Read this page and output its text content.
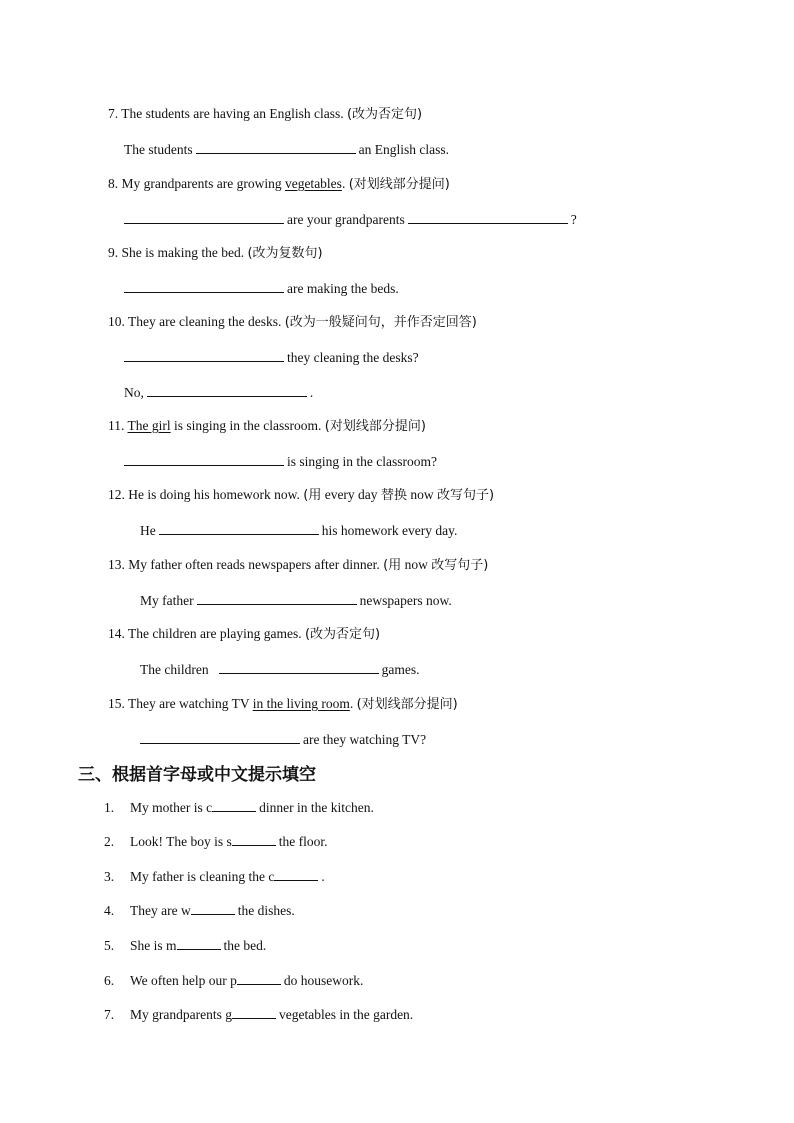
7. The students are having an English class. (改为否定句)
The students	an English class.
8. My grandparents are growing vegetables. (对划线部分提问)
are your grandparents	?
9. She is making the bed. (改为复数句)
are making the beds.
10. They are cleaning the desks. (改为一般疑问句，并作否定回答)
they cleaning the desks?
No,	.
11. The girl is singing in the classroom. (对划线部分提问)
is singing in the classroom?
12. He is doing his homework now. (用 every day 替换 now 改写句子)
He	his homework every day.
13. My father often reads newspapers after dinner. (用 now 改写句子)
My father	newspapers now.
14. The children are playing games. (改为否定句)
The children	games.
15. They are watching TV in the living room. (对划线部分提问)
are they watching TV?
三、根据首字母或中文提示填空
1. My mother is c	dinner in the kitchen.
2. Look! The boy is s	the floor.
3. My father is cleaning the c	.
4. They are w	the dishes.
5. She is m	the bed.
6. We often help our p	do housework.
7. My grandparents g	vegetables in the garden.
